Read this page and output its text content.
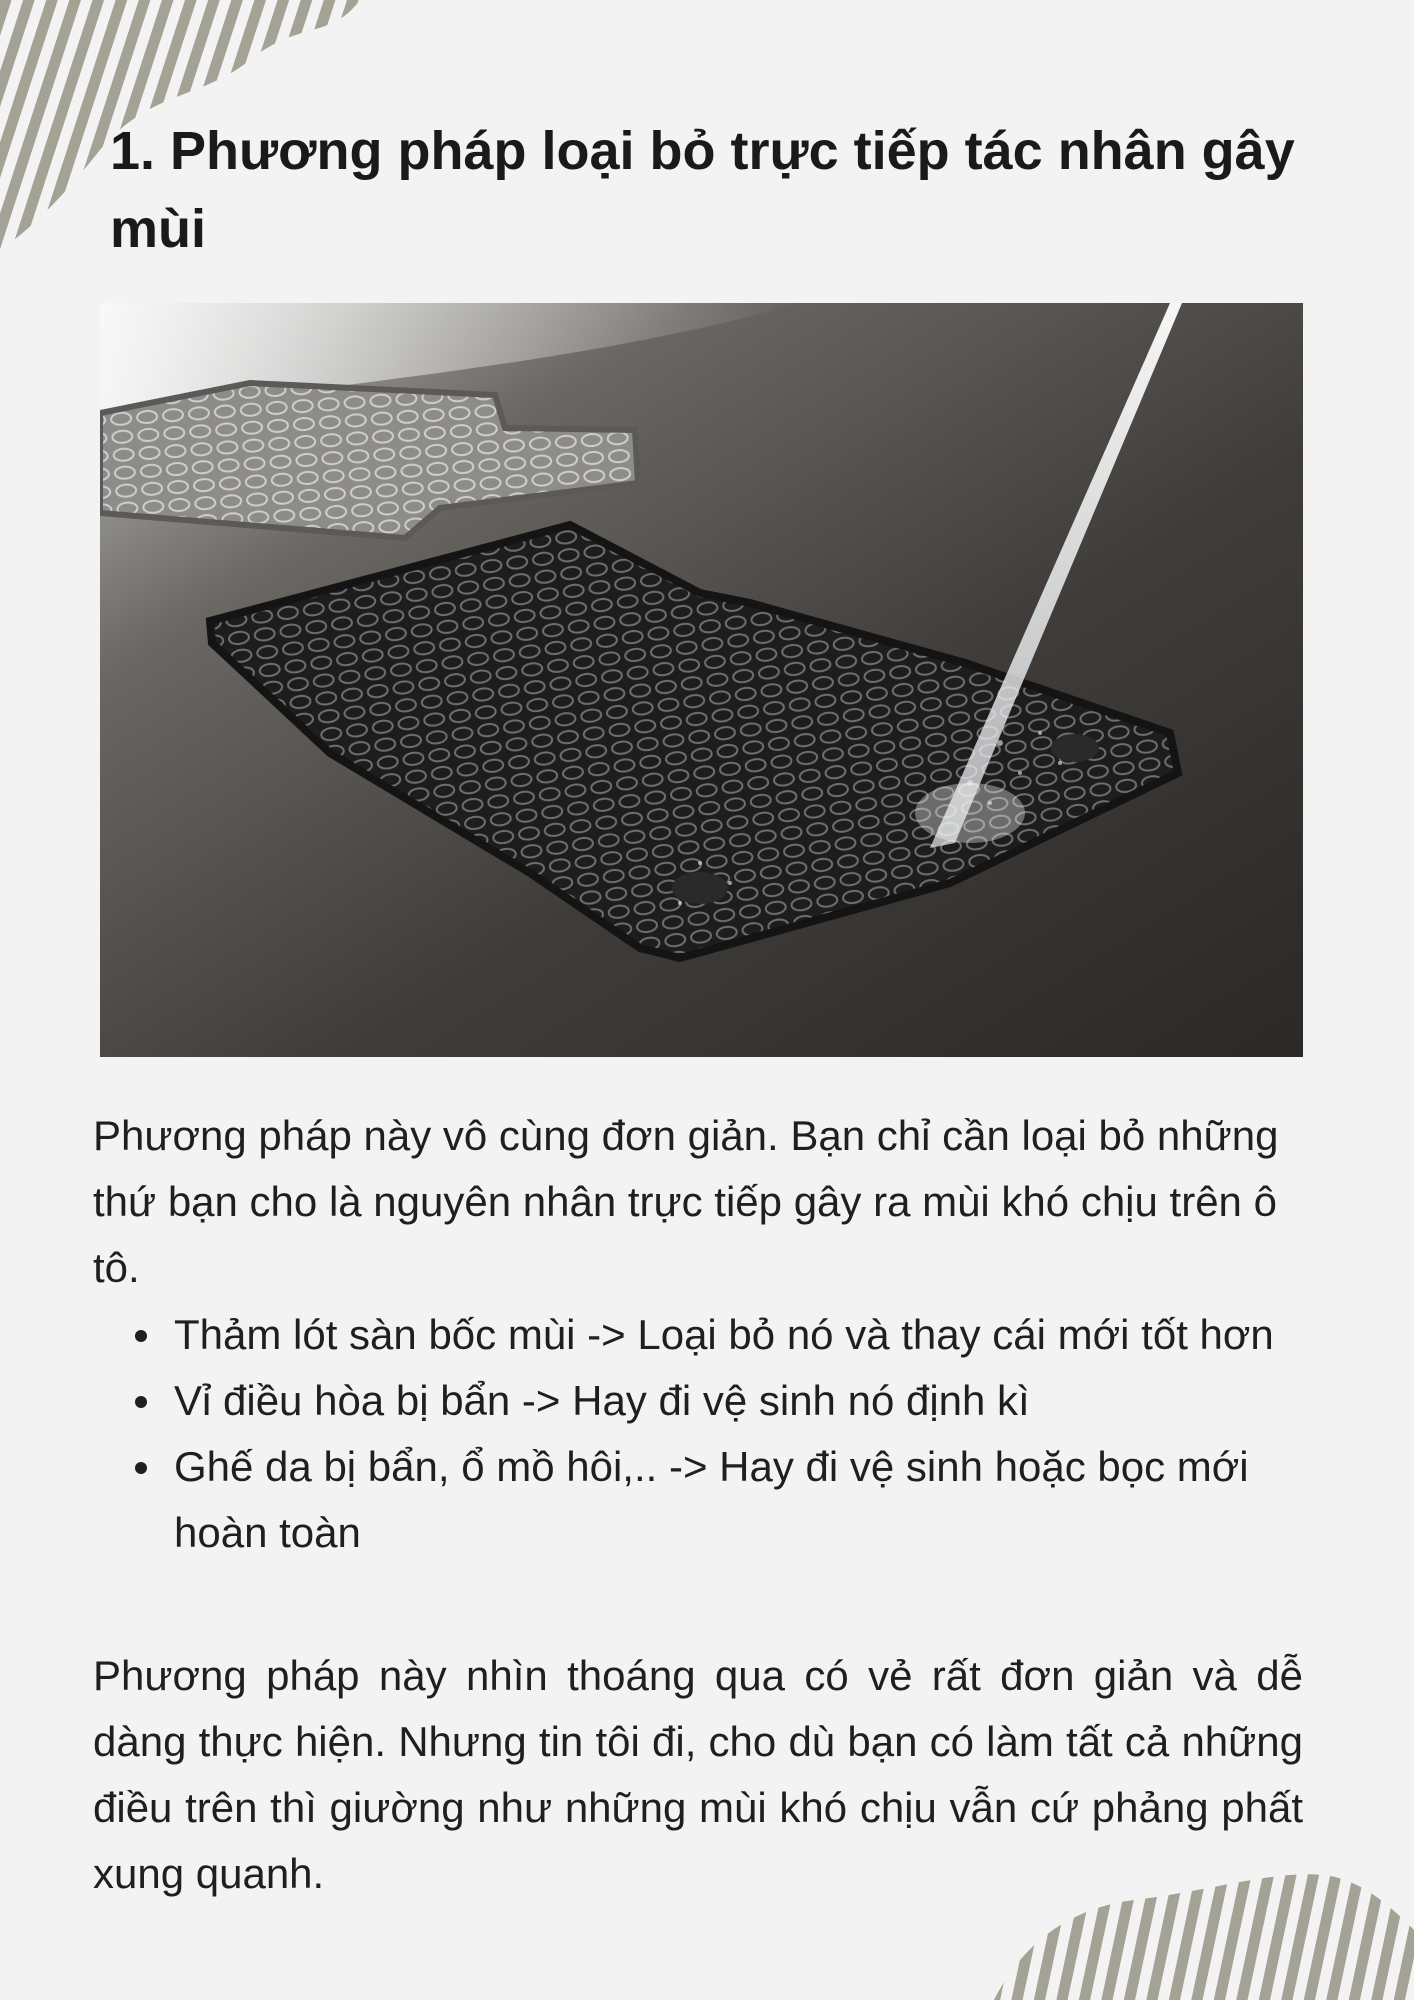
1. Phương pháp loại bỏ trực tiếp tác nhân gây mùi

Phương pháp này vô cùng đơn giản. Bạn chỉ cần loại bỏ những thứ bạn cho là nguyên nhân trực tiếp gây ra mùi khó chịu trên ô tô.

Thảm lót sàn bốc mùi -> Loại bỏ nó và thay cái mới tốt hơn
Vỉ điều hòa bị bẩn -> Hay đi vệ sinh nó định kì
Ghế da bị bẩn, ổ mồ hôi,.. -> Hay đi vệ sinh hoặc bọc mới hoàn toàn

Phương pháp này nhìn thoáng qua có vẻ rất đơn giản và dễ dàng thực hiện. Nhưng tin tôi đi, cho dù bạn có làm tất cả những điều trên thì giường như những mùi khó chịu vẫn cứ phảng phất xung quanh.
